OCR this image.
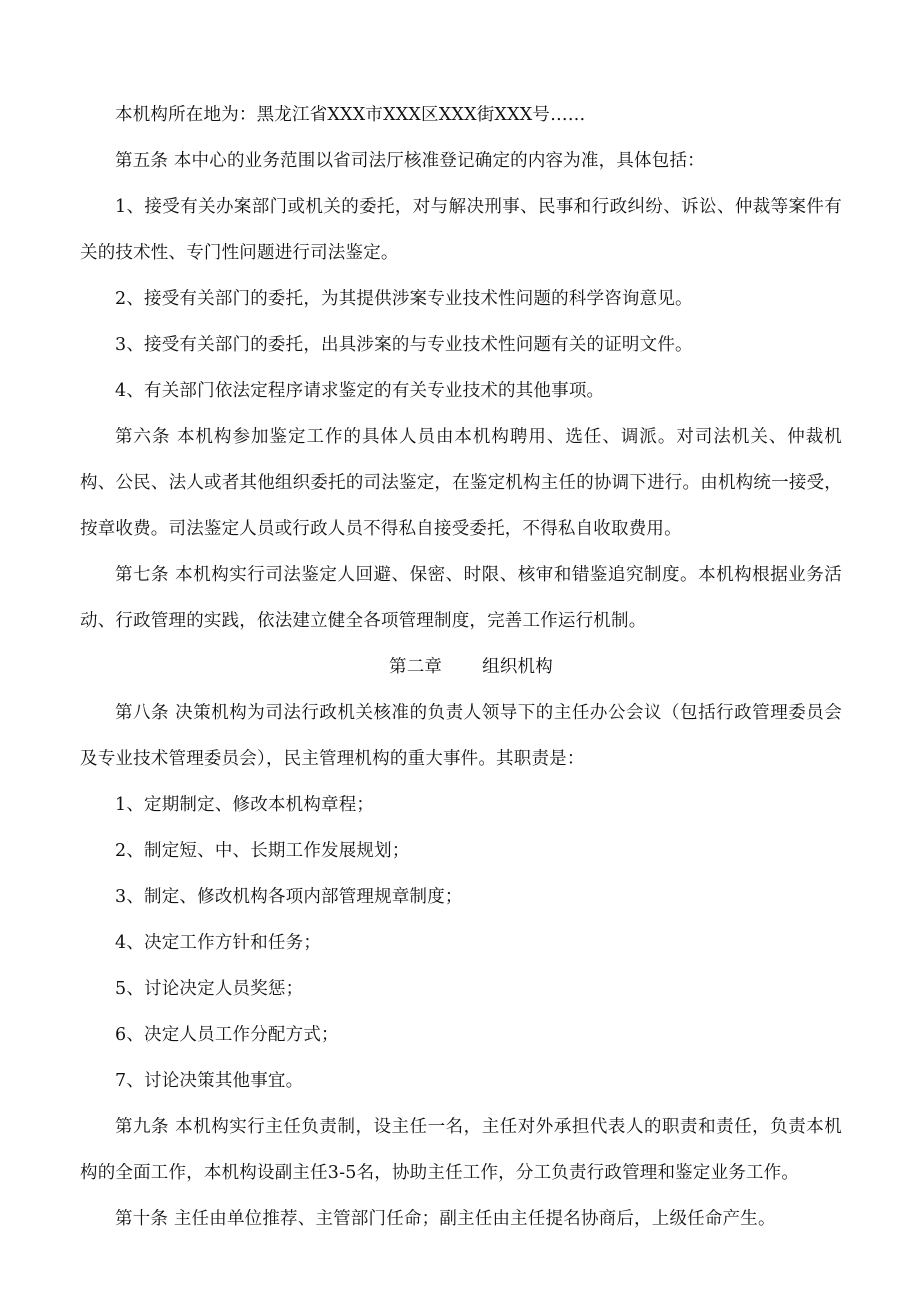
本机构所在地为：黑龙江省XXX市XXX区XXX街XXX号……

第五条 本中心的业务范围以省司法厅核准登记确定的内容为准，具体包括：

1、接受有关办案部门或机关的委托，对与解决刑事、民事和行政纠纷、诉讼、仲裁等案件有关的技术性、专门性问题进行司法鉴定。

2、接受有关部门的委托，为其提供涉案专业技术性问题的科学咨询意见。

3、接受有关部门的委托，出具涉案的与专业技术性问题有关的证明文件。

4、有关部门依法定程序请求鉴定的有关专业技术的其他事项。

第六条 本机构参加鉴定工作的具体人员由本机构聘用、选任、调派。对司法机关、仲裁机构、公民、法人或者其他组织委托的司法鉴定，在鉴定机构主任的协调下进行。由机构统一接受，按章收费。司法鉴定人员或行政人员不得私自接受委托，不得私自收取费用。

第七条 本机构实行司法鉴定人回避、保密、时限、核审和错鉴追究制度。本机构根据业务活动、行政管理的实践，依法建立健全各项管理制度，完善工作运行机制。

第二章 组织机构

第八条 决策机构为司法行政机关核准的负责人领导下的主任办公会议（包括行政管理委员会及专业技术管理委员会），民主管理机构的重大事件。其职责是：

1、定期制定、修改本机构章程；

2、制定短、中、长期工作发展规划；

3、制定、修改机构各项内部管理规章制度；

4、决定工作方针和任务；

5、讨论决定人员奖惩；

6、决定人员工作分配方式；

7、讨论决策其他事宜。

第九条 本机构实行主任负责制，设主任一名，主任对外承担代表人的职责和责任，负责本机构的全面工作，本机构设副主任3-5名，协助主任工作，分工负责行政管理和鉴定业务工作。

第十条 主任由单位推荐、主管部门任命；副主任由主任提名协商后，上级任命产生。
